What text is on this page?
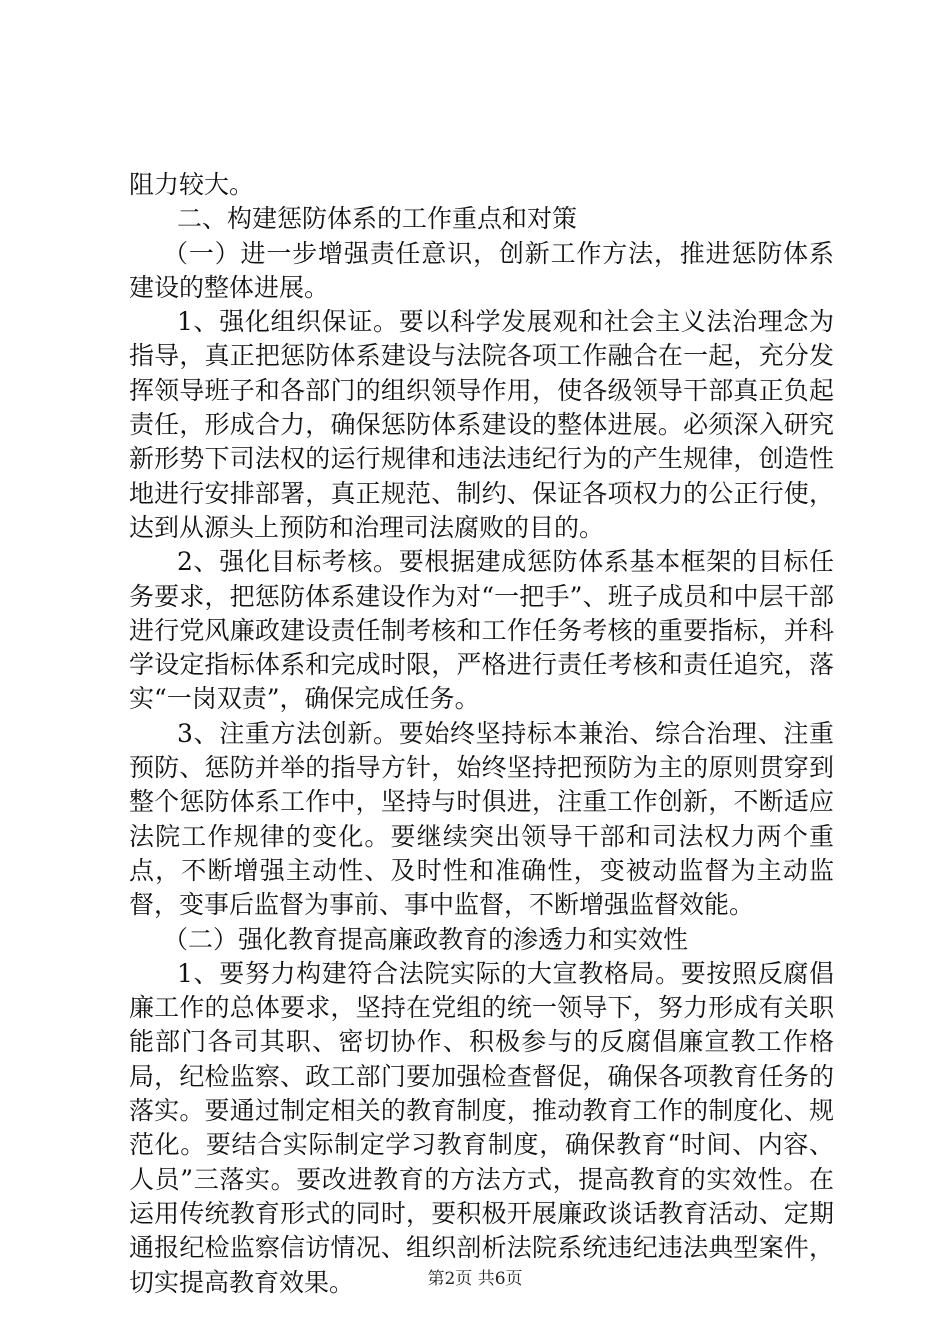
阻力较大。

二、构建惩防体系的工作重点和对策

（一）进一步增强责任意识，创新工作方法，推进惩防体系建设的整体进展。

1、强化组织保证。要以科学发展观和社会主义法治理念为指导，真正把惩防体系建设与法院各项工作融合在一起，充分发挥领导班子和各部门的组织领导作用，使各级领导干部真正负起责任，形成合力，确保惩防体系建设的整体进展。必须深入研究新形势下司法权的运行规律和违法违纪行为的产生规律，创造性地进行安排部署，真正规范、制约、保证各项权力的公正行使，达到从源头上预防和治理司法腐败的目的。

2、强化目标考核。要根据建成惩防体系基本框架的目标任务要求，把惩防体系建设作为对“一把手”、班子成员和中层干部进行党风廉政建设责任制考核和工作任务考核的重要指标，并科学设定指标体系和完成时限，严格进行责任考核和责任追究，落实“一岗双责”，确保完成任务。

3、注重方法创新。要始终坚持标本兼治、综合治理、注重预防、惩防并举的指导方针，始终坚持把预防为主的原则贯穿到整个惩防体系工作中，坚持与时俱进，注重工作创新，不断适应法院工作规律的变化。要继续突出领导干部和司法权力两个重点，不断增强主动性、及时性和准确性，变被动监督为主动监督，变事后监督为事前、事中监督，不断增强监督效能。

（二）强化教育提高廉政教育的渗透力和实效性

1、要努力构建符合法院实际的大宣教格局。要按照反腐倡廉工作的总体要求，坚持在党组的统一领导下，努力形成有关职能部门各司其职、密切协作、积极参与的反腐倡廉宣教工作格局，纪检监察、政工部门要加强检查督促，确保各项教育任务的落实。要通过制定相关的教育制度，推动教育工作的制度化、规范化。要结合实际制定学习教育制度，确保教育“时间、内容、人员”三落实。要改进教育的方法方式，提高教育的实效性。在运用传统教育形式的同时，要积极开展廉政谈话教育活动、定期通报纪检监察信访情况、组织剖析法院系统违纪违法典型案件，切实提高教育效果。	第2页 共6页
